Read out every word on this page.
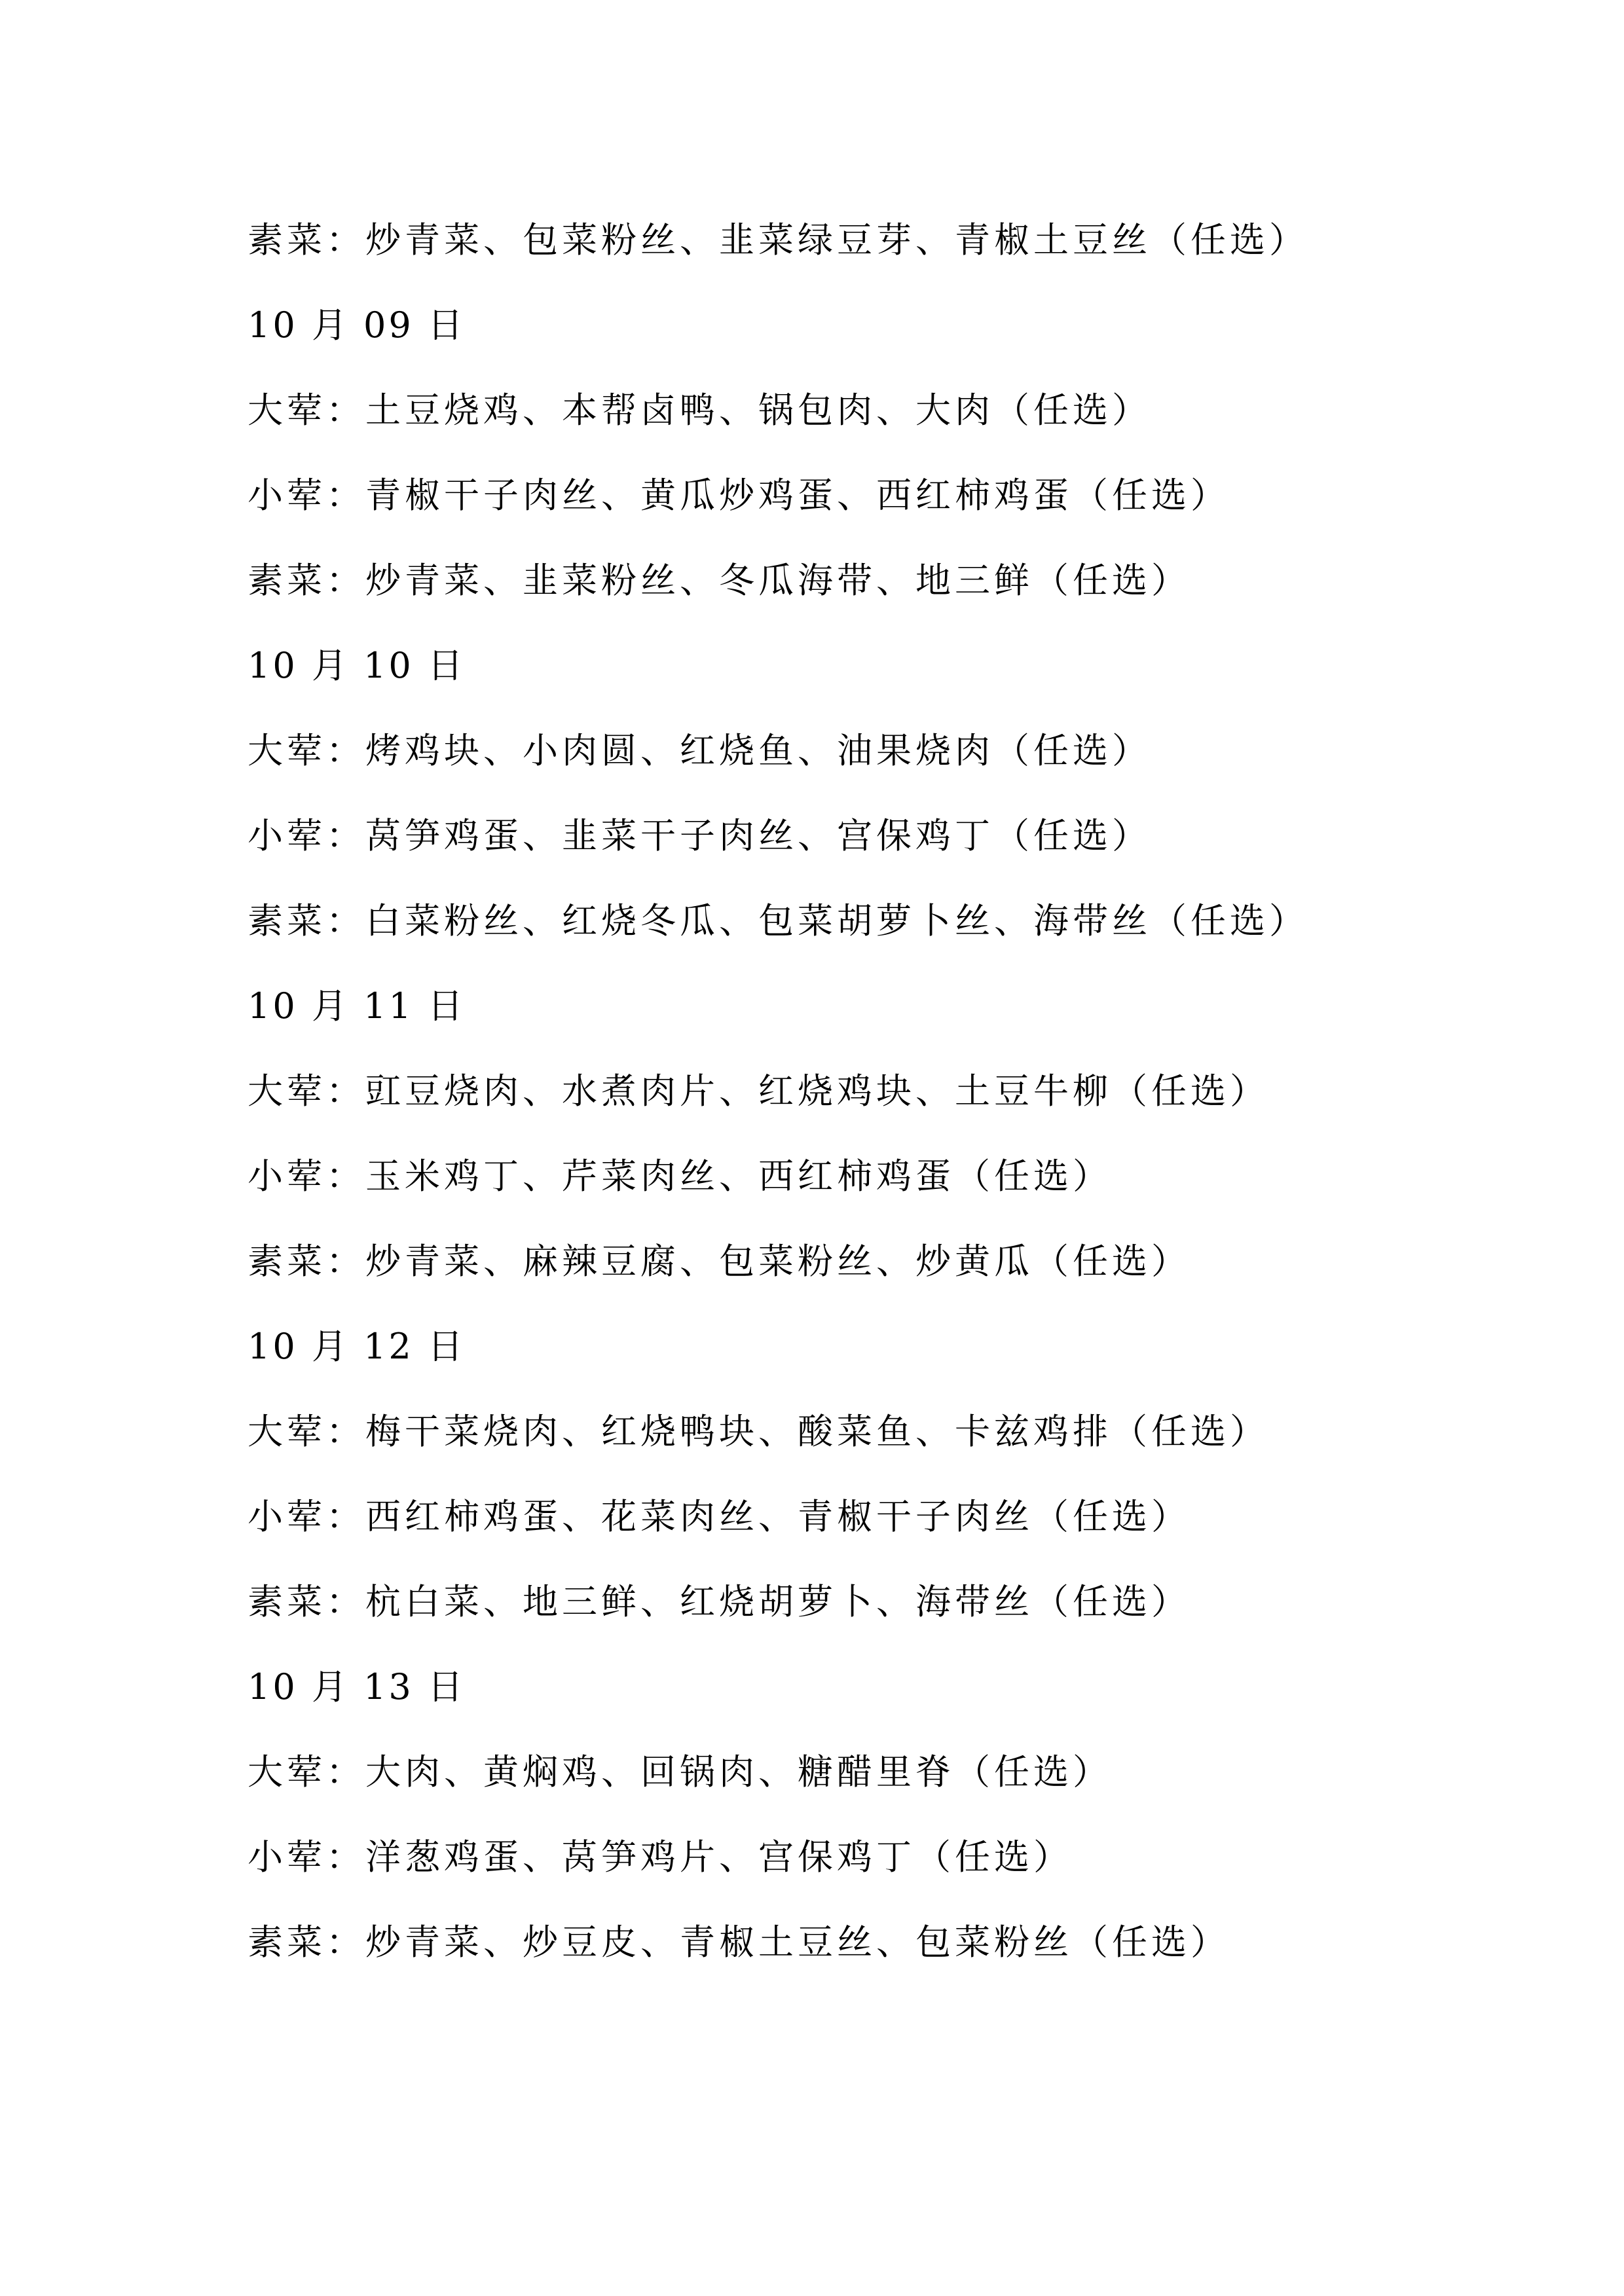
素菜：炒青菜、包菜粉丝、韭菜绿豆芽、青椒土豆丝（任选）
10 月 09 日
大荤：土豆烧鸡、本帮卤鸭、锅包肉、大肉（任选）
小荤：青椒干子肉丝、黄瓜炒鸡蛋、西红柿鸡蛋（任选）
素菜：炒青菜、韭菜粉丝、冬瓜海带、地三鲜（任选）
10 月 10 日
大荤：烤鸡块、小肉圆、红烧鱼、油果烧肉（任选）
小荤：莴笋鸡蛋、韭菜干子肉丝、宫保鸡丁（任选）
素菜：白菜粉丝、红烧冬瓜、包菜胡萝卜丝、海带丝（任选）
10 月 11 日
大荤：豇豆烧肉、水煮肉片、红烧鸡块、土豆牛柳（任选）
小荤：玉米鸡丁、芹菜肉丝、西红柿鸡蛋（任选）
素菜：炒青菜、麻辣豆腐、包菜粉丝、炒黄瓜（任选）
10 月 12 日
大荤：梅干菜烧肉、红烧鸭块、酸菜鱼、卡兹鸡排（任选）
小荤：西红柿鸡蛋、花菜肉丝、青椒干子肉丝（任选）
素菜：杭白菜、地三鲜、红烧胡萝卜、海带丝（任选）
10 月 13 日
大荤：大肉、黄焖鸡、回锅肉、糖醋里脊（任选）
小荤：洋葱鸡蛋、莴笋鸡片、宫保鸡丁（任选）
素菜：炒青菜、炒豆皮、青椒土豆丝、包菜粉丝（任选）
